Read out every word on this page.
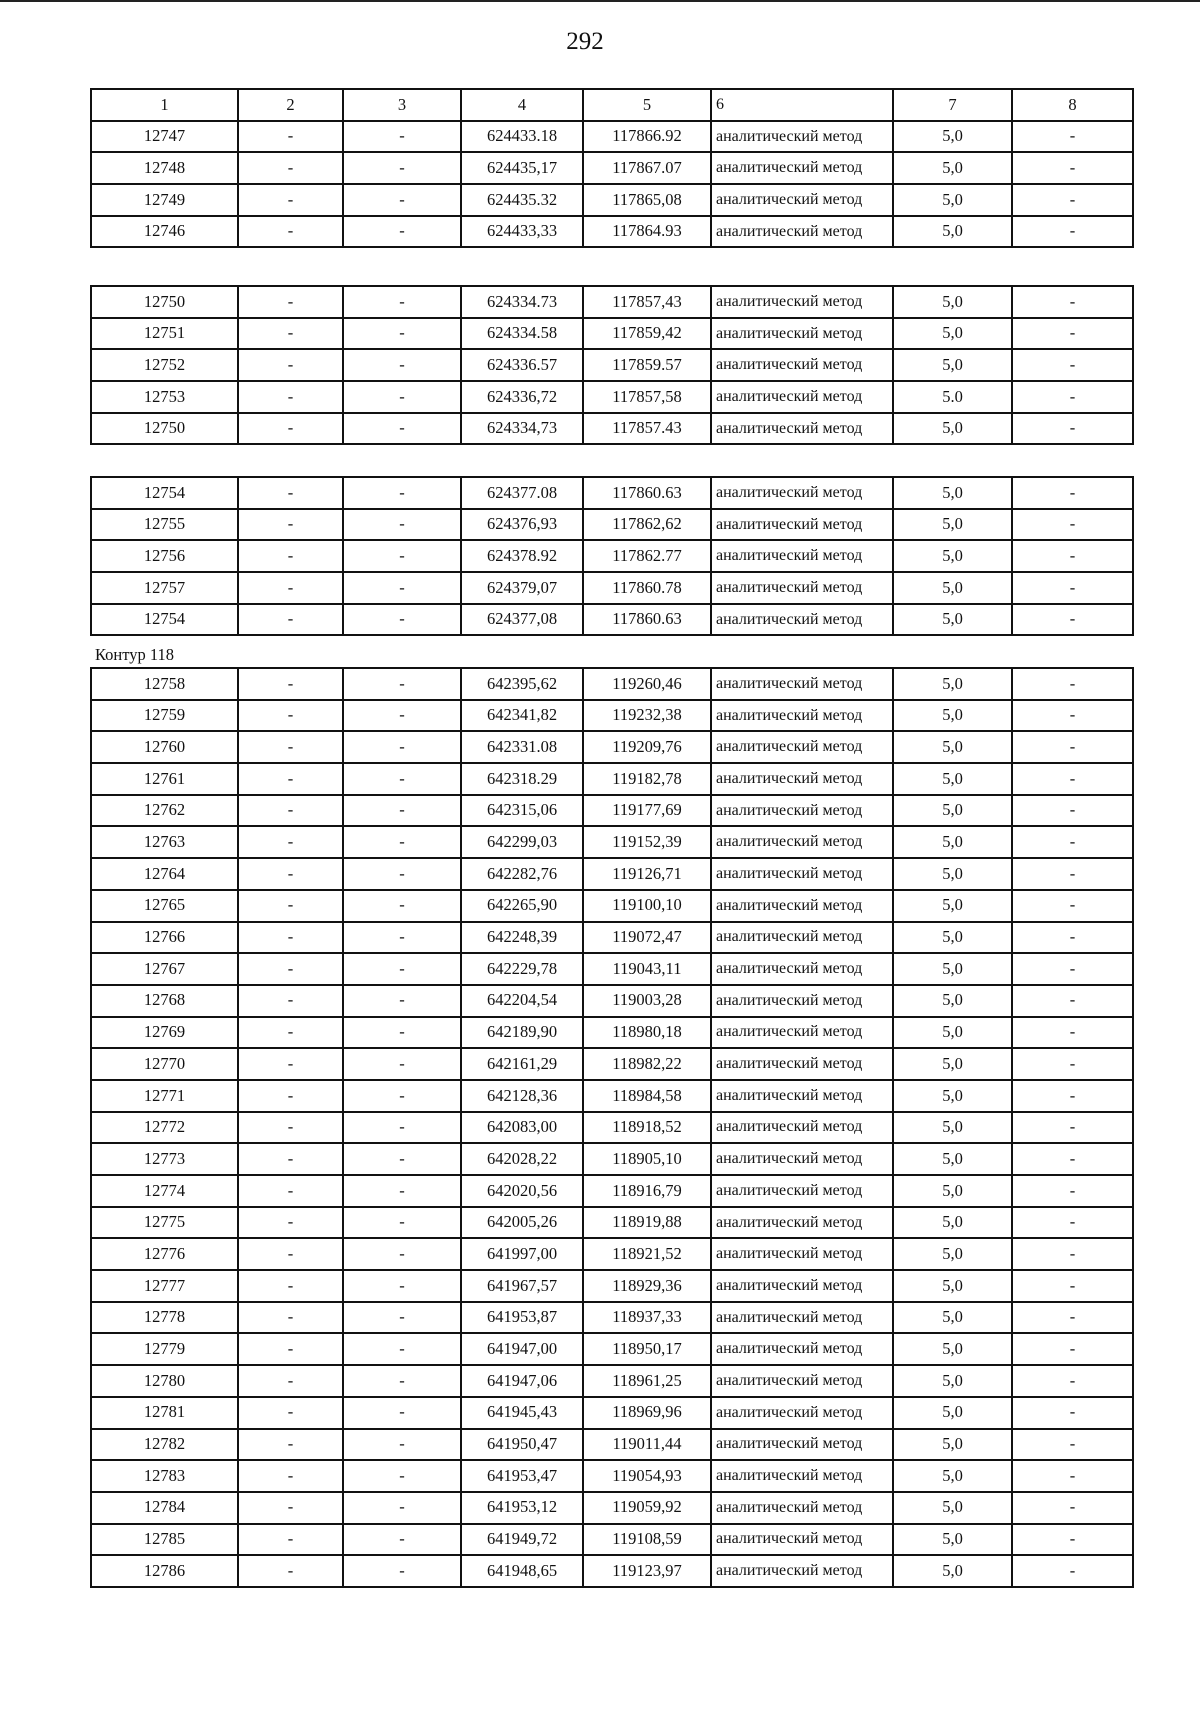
292
1	2	3	4	5	6	7	8
12747	-	-	624433.18	117866.92	аналитический метод	5,0	-
12748	-	-	624435,17	117867.07	аналитический метод	5,0	-
12749	-	-	624435.32	117865,08	аналитический метод	5,0	-
12746	-	-	624433,33	117864.93	аналитический метод	5,0	-
12750	-	-	624334.73	117857,43	аналитический метод	5,0	-
12751	-	-	624334.58	117859,42	аналитический метод	5,0	-
12752	-	-	624336.57	117859.57	аналитический метод	5,0	-
12753	-	-	624336,72	117857,58	аналитический метод	5.0	-
12750	-	-	624334,73	117857.43	аналитический метод	5,0	-
12754	-	-	624377.08	117860.63	аналитический метод	5,0	-
12755	-	-	624376,93	117862,62	аналитический метод	5,0	-
12756	-	-	624378.92	117862.77	аналитический метод	5,0	-
12757	-	-	624379,07	117860.78	аналитический метод	5,0	-
12754	-	-	624377,08	117860.63	аналитический метод	5,0	-
Контур 118
12758	-	-	642395,62	119260,46	аналитический метод	5,0	-
12759	-	-	642341,82	119232,38	аналитический метод	5,0	-
12760	-	-	642331.08	119209,76	аналитический метод	5,0	-
12761	-	-	642318.29	119182,78	аналитический метод	5,0	-
12762	-	-	642315,06	119177,69	аналитический метод	5,0	-
12763	-	-	642299,03	119152,39	аналитический метод	5,0	-
12764	-	-	642282,76	119126,71	аналитический метод	5,0	-
12765	-	-	642265,90	119100,10	аналитический метод	5,0	-
12766	-	-	642248,39	119072,47	аналитический метод	5,0	-
12767	-	-	642229,78	119043,11	аналитический метод	5,0	-
12768	-	-	642204,54	119003,28	аналитический метод	5,0	-
12769	-	-	642189,90	118980,18	аналитический метод	5,0	-
12770	-	-	642161,29	118982,22	аналитический метод	5,0	-
12771	-	-	642128,36	118984,58	аналитический метод	5,0	-
12772	-	-	642083,00	118918,52	аналитический метод	5,0	-
12773	-	-	642028,22	118905,10	аналитический метод	5,0	-
12774	-	-	642020,56	118916,79	аналитический метод	5,0	-
12775	-	-	642005,26	118919,88	аналитический метод	5,0	-
12776	-	-	641997,00	118921,52	аналитический метод	5,0	-
12777	-	-	641967,57	118929,36	аналитический метод	5,0	-
12778	-	-	641953,87	118937,33	аналитический метод	5,0	-
12779	-	-	641947,00	118950,17	аналитический метод	5,0	-
12780	-	-	641947,06	118961,25	аналитический метод	5,0	-
12781	-	-	641945,43	118969,96	аналитический метод	5,0	-
12782	-	-	641950,47	119011,44	аналитический метод	5,0	-
12783	-	-	641953,47	119054,93	аналитический метод	5,0	-
12784	-	-	641953,12	119059,92	аналитический метод	5,0	-
12785	-	-	641949,72	119108,59	аналитический метод	5,0	-
12786	-	-	641948,65	119123,97	аналитический метод	5,0	-
